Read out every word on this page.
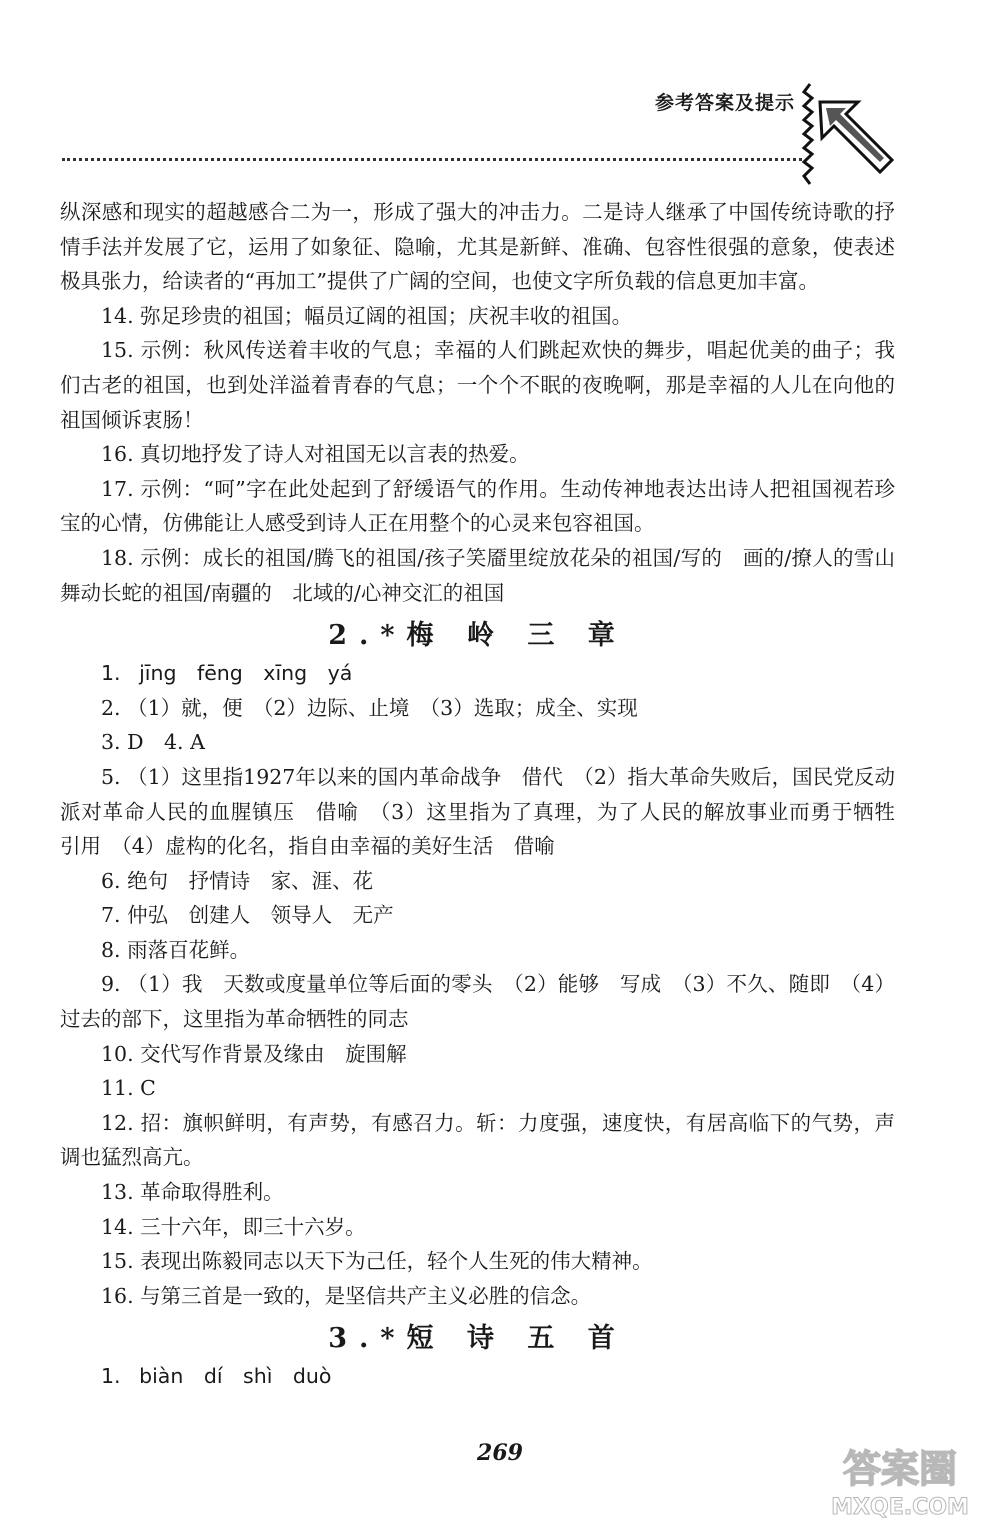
参考答案及提示

纵深感和现实的超越感合二为一，形成了强大的冲击力。二是诗人继承了中国传统诗歌的抒情手法并发展了它，运用了如象征、隐喻，尤其是新鲜、准确、包容性很强的意象，使表述极具张力，给读者的“再加工”提供了广阔的空间，也使文字所负载的信息更加丰富。

14. 弥足珍贵的祖国；幅员辽阔的祖国；庆祝丰收的祖国。

15. 示例：秋风传送着丰收的气息；幸福的人们跳起欢快的舞步，唱起优美的曲子；我们古老的祖国，也到处洋溢着青春的气息；一个个不眠的夜晚啊，那是幸福的人儿在向他的祖国倾诉衷肠！

16. 真切地抒发了诗人对祖国无以言表的热爱。

17. 示例：“呵”字在此处起到了舒缓语气的作用。生动传神地表达出诗人把祖国视若珍宝的心情，仿佛能让人感受到诗人正在用整个的心灵来包容祖国。

18. 示例：成长的祖国/腾飞的祖国/孩子笑靥里绽放花朵的祖国/写的　画的/撩人的雪山舞动长蛇的祖国/南疆的　北域的/心神交汇的祖国

2.*梅 岭 三 章

1. jīng　fēng　xīng　yá

2. （1）就，便　（2）边际、止境　（3）选取；成全、实现

3. D　4. A

5. （1）这里指1927年以来的国内革命战争　借代　（2）指大革命失败后，国民党反动派对革命人民的血腥镇压　借喻　（3）这里指为了真理，为了人民的解放事业而勇于牺牲　引用　（4）虚构的化名，指自由幸福的美好生活　借喻

6. 绝句　抒情诗　家、涯、花

7. 仲弘　创建人　领导人　无产

8. 雨落百花鲜。

9. （1）我　天数或度量单位等后面的零头　（2）能够　写成　（3）不久、随即　（4）过去的部下，这里指为革命牺牲的同志

10. 交代写作背景及缘由　旋围解

11. C

12. 招：旗帜鲜明，有声势，有感召力。斩：力度强，速度快，有居高临下的气势，声调也猛烈高亢。

13. 革命取得胜利。

14. 三十六年，即三十六岁。

15. 表现出陈毅同志以天下为己任，轻个人生死的伟大精神。

16. 与第三首是一致的，是坚信共产主义必胜的信念。

3.*短 诗 五 首

1. biàn　dí　shì　duò

269	答案圈
MXQE.COM
